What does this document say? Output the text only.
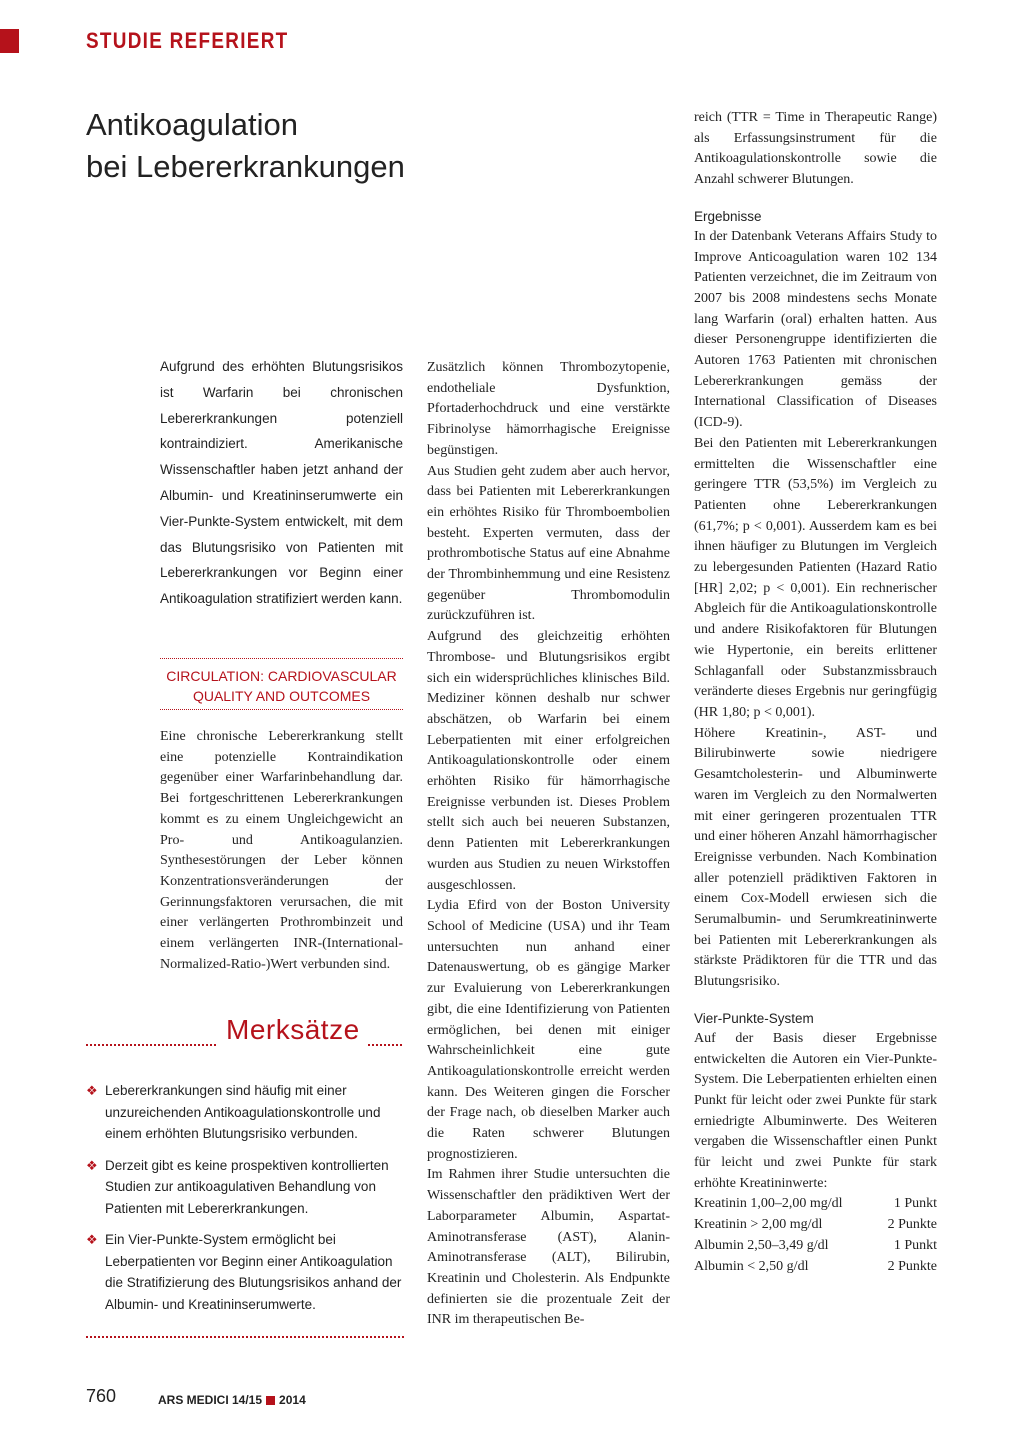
STUDIE REFERIERT
Antikoagulation
bei Lebererkrankungen

Aufgrund des erhöhten Blutungsrisikos ist Warfarin bei chronischen Lebererkrankungen potenziell kontraindiziert. Amerikanische Wissenschaftler haben jetzt anhand der Albumin- und Kreatininserumwerte ein Vier-Punkte-System entwickelt, mit dem das Blutungsrisiko von Patienten mit Lebererkrankungen vor Beginn einer Antikoagulation stratifiziert werden kann.

CIRCULATION: CARDIOVASCULAR QUALITY AND OUTCOMES

Eine chronische Lebererkrankung stellt eine potenzielle Kontraindikation gegenüber einer Warfarinbehandlung dar. Bei fortgeschrittenen Lebererkrankungen kommt es zu einem Ungleichgewicht an Pro- und Antikoagulanzien. Synthesestörungen der Leber können Konzentrationsveränderungen der Gerinnungsfaktoren verursachen, die mit einer verlängerten Prothrombinzeit und einem verlängerten INR-(International-Normalized-Ratio-)Wert verbunden sind.

Merksätze
❖ Lebererkrankungen sind häufig mit einer unzureichenden Antikoagulationskontrolle und einem erhöhten Blutungsrisiko verbunden.
❖ Derzeit gibt es keine prospektiven kontrollierten Studien zur antikoagulativen Behandlung von Patienten mit Lebererkrankungen.
❖ Ein Vier-Punkte-System ermöglicht bei Leberpatienten vor Beginn einer Antikoagulation die Stratifizierung des Blutungsrisikos anhand der Albumin- und Kreatininserumwerte.

Zusätzlich können Thrombozytopenie, endotheliale Dysfunktion, Pfortaderhochdruck und eine verstärkte Fibrinolyse hämorrhagische Ereignisse begünstigen.

Aus Studien geht zudem aber auch hervor, dass bei Patienten mit Lebererkrankungen ein erhöhtes Risiko für Thromboembolien besteht. Experten vermuten, dass der prothrombotische Status auf eine Abnahme der Thrombinhemmung und eine Resistenz gegenüber Thrombomodulin zurückzuführen ist.

Aufgrund des gleichzeitig erhöhten Thrombose- und Blutungsrisikos ergibt sich ein widersprüchliches klinisches Bild. Mediziner können deshalb nur schwer abschätzen, ob Warfarin bei einem Leberpatienten mit einer erfolgreichen Antikoagulationskontrolle oder einem erhöhten Risiko für hämorrhagische Ereignisse verbunden ist. Dieses Problem stellt sich auch bei neueren Substanzen, denn Patienten mit Lebererkrankungen wurden aus Studien zu neuen Wirkstoffen ausgeschlossen.

Lydia Efird von der Boston University School of Medicine (USA) und ihr Team untersuchten nun anhand einer Datenauswertung, ob es gängige Marker zur Evaluierung von Lebererkrankungen gibt, die eine Identifizierung von Patienten ermöglichen, bei denen mit einiger Wahrscheinlichkeit eine gute Antikoagulationskontrolle erreicht werden kann. Des Weiteren gingen die Forscher der Frage nach, ob dieselben Marker auch die Raten schwerer Blutungen prognostizieren.

Im Rahmen ihrer Studie untersuchten die Wissenschaftler den prädiktiven Wert der Laborparameter Albumin, Aspartat-Aminotransferase (AST), Alanin-Aminotransferase (ALT), Bilirubin, Kreatinin und Cholesterin. Als Endpunkte definierten sie die prozentuale Zeit der INR im therapeutischen Be-

reich (TTR = Time in Therapeutic Range) als Erfassungsinstrument für die Antikoagulationskontrolle sowie die Anzahl schwerer Blutungen.

Ergebnisse

In der Datenbank Veterans Affairs Study to Improve Anticoagulation waren 102 134 Patienten verzeichnet, die im Zeitraum von 2007 bis 2008 mindestens sechs Monate lang Warfarin (oral) erhalten hatten. Aus dieser Personengruppe identifizierten die Autoren 1763 Patienten mit chronischen Lebererkrankungen gemäss der International Classification of Diseases (ICD-9).

Bei den Patienten mit Lebererkrankungen ermittelten die Wissenschaftler eine geringere TTR (53,5%) im Vergleich zu Patienten ohne Lebererkrankungen (61,7%; p < 0,001). Ausserdem kam es bei ihnen häufiger zu Blutungen im Vergleich zu lebergesunden Patienten (Hazard Ratio [HR] 2,02; p < 0,001). Ein rechnerischer Abgleich für die Antikoagulationskontrolle und andere Risikofaktoren für Blutungen wie Hypertonie, ein bereits erlittener Schlaganfall oder Substanzmissbrauch veränderte dieses Ergebnis nur geringfügig (HR 1,80; p < 0,001).

Höhere Kreatinin-, AST- und Bilirubinwerte sowie niedrigere Gesamtcholesterin- und Albuminwerte waren im Vergleich zu den Normalwerten mit einer geringeren prozentualen TTR und einer höheren Anzahl hämorrhagischer Ereignisse verbunden. Nach Kombination aller potenziell prädiktiven Faktoren in einem Cox-Modell erwiesen sich die Serumalbumin- und Serumkreatininwerte bei Patienten mit Lebererkrankungen als stärkste Prädiktoren für die TTR und das Blutungsrisiko.

Vier-Punkte-System

Auf der Basis dieser Ergebnisse entwickelten die Autoren ein Vier-Punkte-System. Die Leberpatienten erhielten einen Punkt für leicht oder zwei Punkte für stark erniedrigte Albuminwerte. Des Weiteren vergaben die Wissenschaftler einen Punkt für leicht und zwei Punkte für stark erhöhte Kreatininwerte:

Kreatinin 1,00–2,00 mg/dl	1 Punkt
Kreatinin > 2,00 mg/dl	2 Punkte
Albumin 2,50–3,49 g/dl	1 Punkt
Albumin < 2,50 g/dl	2 Punkte
760	ARS MEDICI 14/15 2014
